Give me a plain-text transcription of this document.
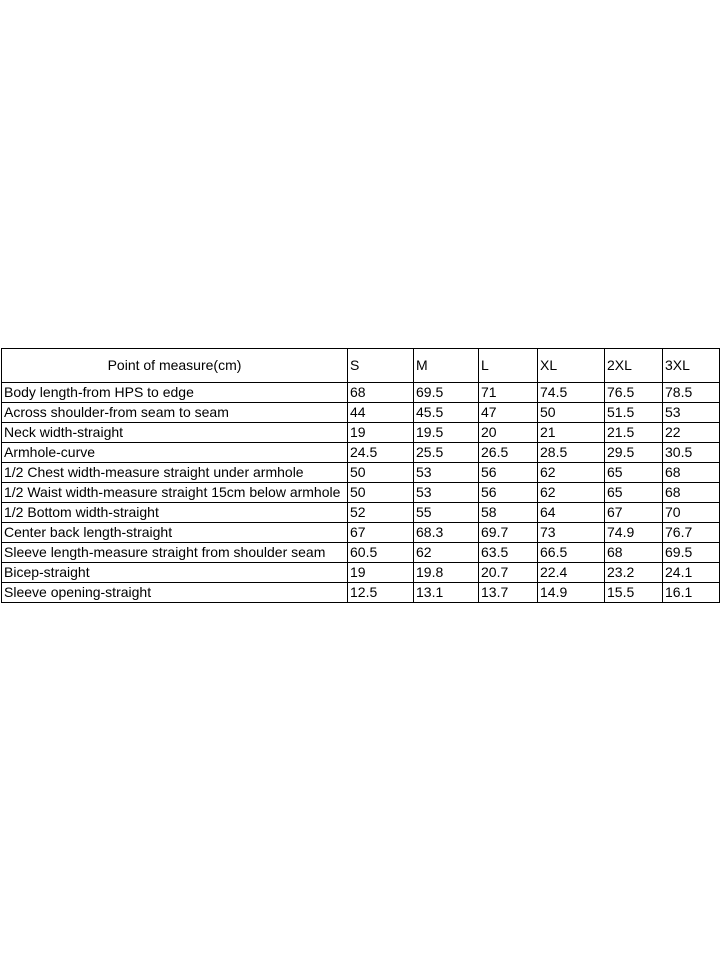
Point of measure(cm)	S	M	L	XL	2XL	3XL
Body length-from HPS to edge	68	69.5	71	74.5	76.5	78.5
Across shoulder-from seam to seam	44	45.5	47	50	51.5	53
Neck width-straight	19	19.5	20	21	21.5	22
Armhole-curve	24.5	25.5	26.5	28.5	29.5	30.5
1/2 Chest width-measure straight under armhole	50	53	56	62	65	68
1/2 Waist width-measure straight 15cm below armhole	50	53	56	62	65	68
1/2 Bottom width-straight	52	55	58	64	67	70
Center back length-straight	67	68.3	69.7	73	74.9	76.7
Sleeve length-measure straight from shoulder seam	60.5	62	63.5	66.5	68	69.5
Bicep-straight	19	19.8	20.7	22.4	23.2	24.1
Sleeve opening-straight	12.5	13.1	13.7	14.9	15.5	16.1
